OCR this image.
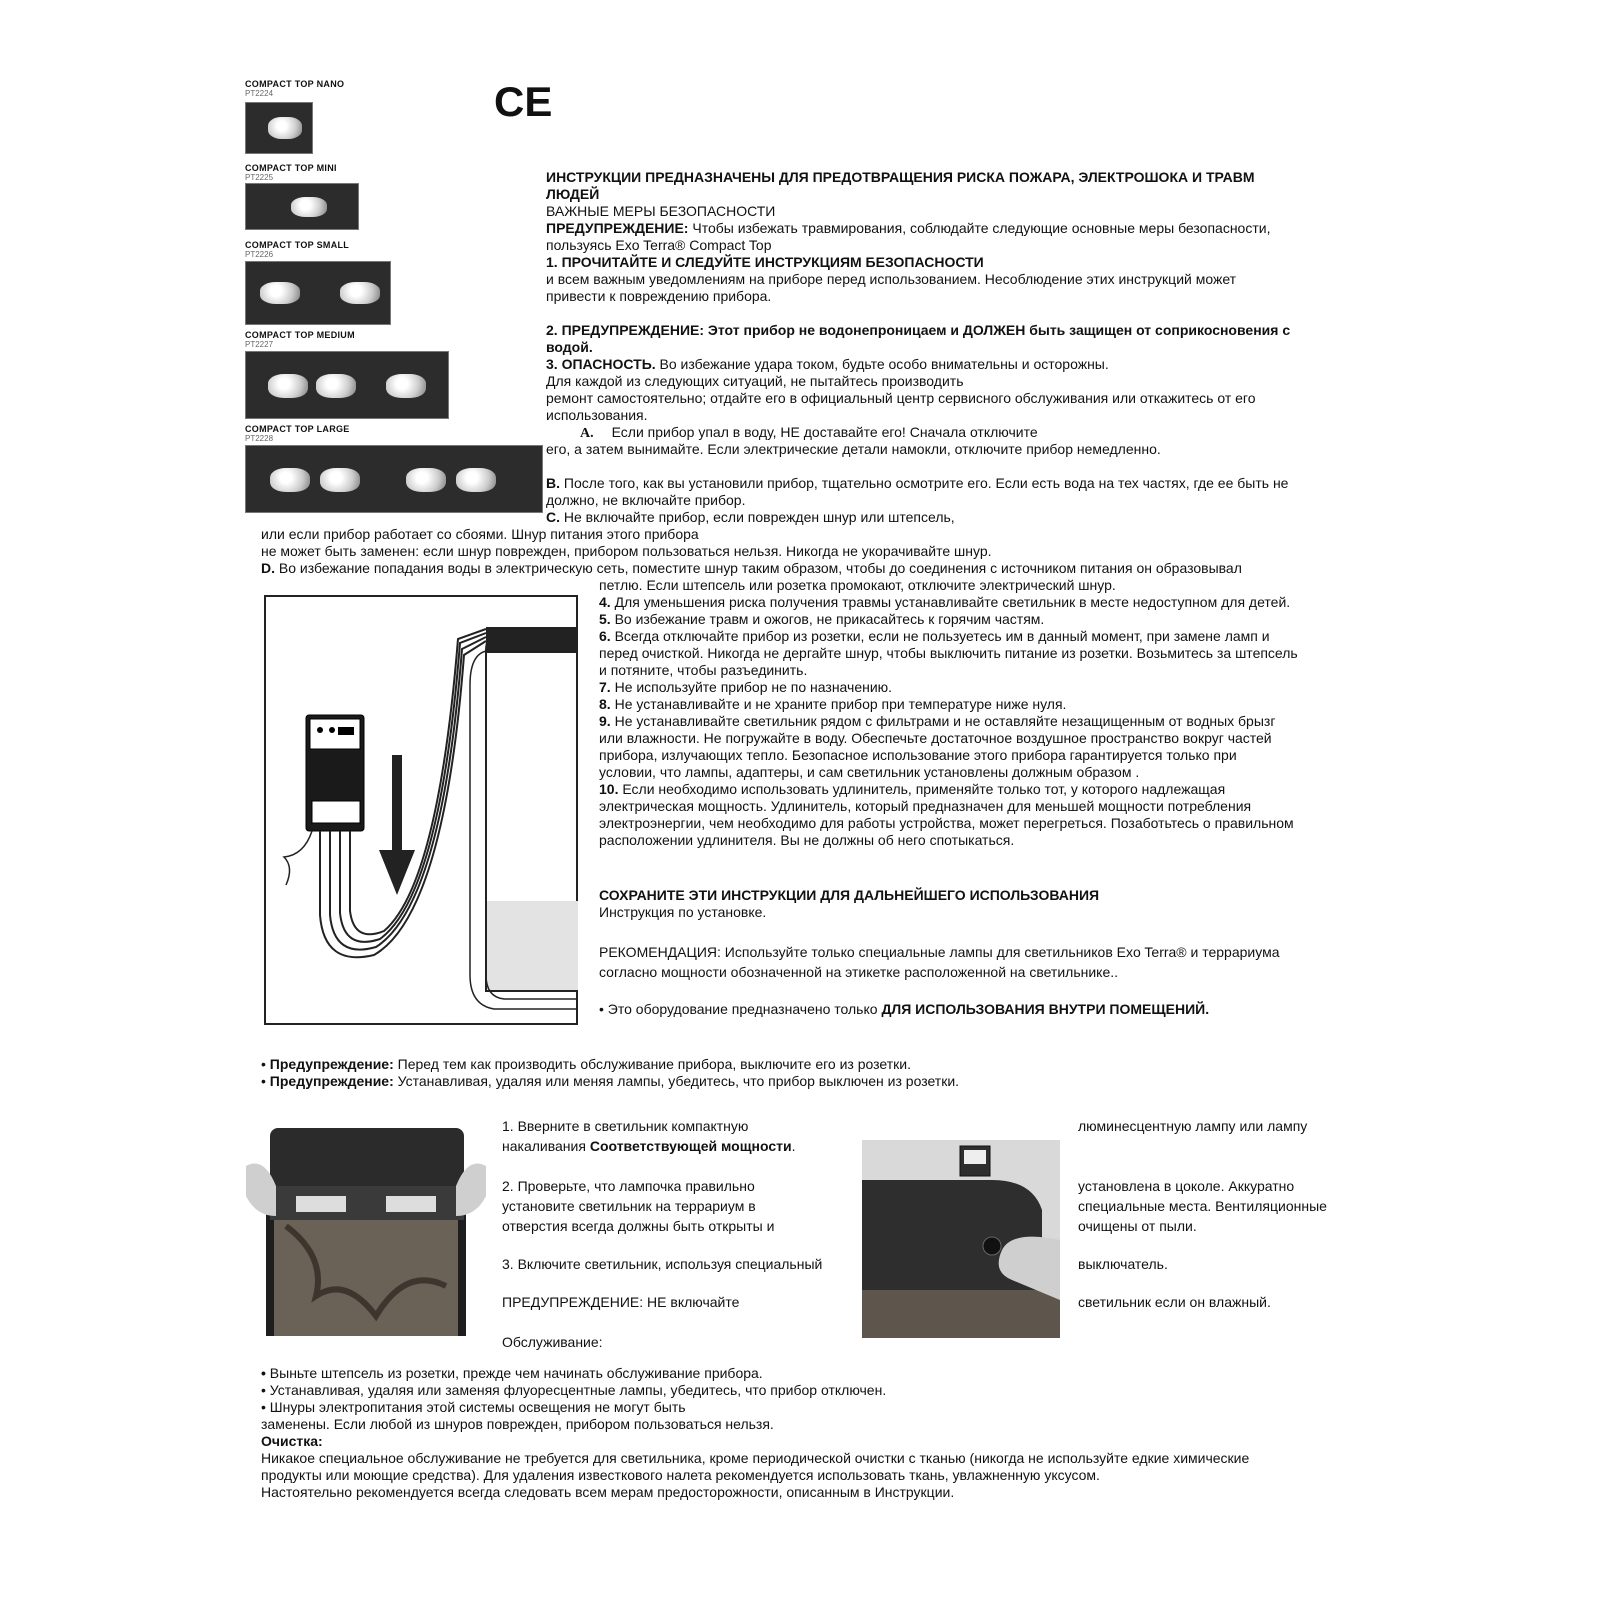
COMPACT TOP NANO
PT2224
COMPACT TOP MINI
PT2225
COMPACT TOP SMALL
PT2226
COMPACT TOP MEDIUM
PT2227
COMPACT TOP LARGE
PT2228
CE
ИНСТРУКЦИИ ПРЕДНАЗНАЧЕНЫ ДЛЯ ПРЕДОТВРАЩЕНИЯ РИСКА ПОЖАРА, ЭЛЕКТРОШОКА И ТРАВМ
ЛЮДЕЙ
ВАЖНЫЕ МЕРЫ БЕЗОПАСНОСТИ
ПРЕДУПРЕЖДЕНИЕ: Чтобы избежать травмирования, соблюдайте следующие основные меры безопасности,
пользуясь Exo Terra® Compact Top
1. ПРОЧИТАЙТЕ И СЛЕДУЙТЕ ИНСТРУКЦИЯМ БЕЗОПАСНОСТИ
и всем важным уведомлениям на приборе перед использованием. Несоблюдение этих инструкций может
привести к повреждению прибора.
2. ПРЕДУПРЕЖДЕНИЕ: Этот прибор не водонепроницаем и ДОЛЖЕН быть защищен от соприкосновения с
водой.
3. ОПАСНОСТЬ. Во избежание удара током, будьте особо внимательны и осторожны.
Для каждой из следующих ситуаций, не пытайтесь производить
ремонт самостоятельно; отдайте его в официальный центр сервисного обслуживания или откажитесь от его
использования.
A. Если прибор упал в воду, НЕ доставайте его! Сначала отключите
его, а затем вынимайте. Если электрические детали намокли, отключите прибор немедленно.
B. После того, как вы установили прибор, тщательно осмотрите его. Если есть вода на тех частях, где ее быть не
должно, не включайте прибор.
C. Не включайте прибор, если поврежден шнур или штепсель,
или если прибор работает со сбоями. Шнур питания этого прибора
не может быть заменен: если шнур поврежден, прибором пользоваться нельзя. Никогда не укорачивайте шнур.
D. Во избежание попадания воды в электрическую сеть, поместите шнур таким образом, чтобы до соединения с источником питания он образовывал
петлю. Если штепсель или розетка промокают, отключите электрический шнур.
4. Для уменьшения риска получения травмы устанавливайте светильник в месте недоступном для детей.
5. Во избежание травм и ожогов, не прикасайтесь к горячим частям.
6. Всегда отключайте прибор из розетки, если не пользуетесь им в данный момент, при замене ламп и
перед очисткой. Никогда не дергайте шнур, чтобы выключить питание из розетки. Возьмитесь за штепсель
и потяните, чтобы разъединить.
7. Не используйте прибор не по назначению.
8. Не устанавливайте и не храните прибор при температуре ниже нуля.
9. Не устанавливайте светильник рядом с фильтрами и не оставляйте незащищенным от водных брызг
или влажности. Не погружайте в воду. Обеспечьте достаточное воздушное пространство вокруг частей
прибора, излучающих тепло. Безопасное использование этого прибора гарантируется только при
условии, что лампы, адаптеры, и сам светильник установлены должным образом .
10. Если необходимо использовать удлинитель, применяйте только тот, у которого надлежащая
электрическая мощность. Удлинитель, который предназначен для меньшей мощности потребления
электроэнергии, чем необходимо для работы устройства, может перегреться. Позаботьтесь о правильном
расположении удлинителя. Вы не должны об него спотыкаться.
СОХРАНИТЕ ЭТИ ИНСТРУКЦИИ ДЛЯ ДАЛЬНЕЙШЕГО ИСПОЛЬЗОВАНИЯ
Инструкция по установке.
РЕКОМЕНДАЦИЯ: Используйте только специальные лампы для светильников Exo Terra® и террариума
согласно мощности обозначенной на этикетке расположенной на светильнике..
• Это оборудование предназначено только ДЛЯ ИСПОЛЬЗОВАНИЯ ВНУТРИ ПОМЕЩЕНИЙ.
• Предупреждение: Перед тем как производить обслуживание прибора, выключите его из розетки.
• Предупреждение: Устанавливая, удаляя или меняя лампы, убедитесь, что прибор выключен из розетки.
1. Вверните в светильник компактную
накаливания Соответствующей мощности.
люминесцентную лампу или лампу
2. Проверьте, что лампочка правильно
установите светильник на террариум в
отверстия всегда должны быть открыты и
установлена в цоколе. Аккуратно
специальные места. Вентиляционные
очищены от пыли.
3. Включите светильник, используя специальный	выключатель.
ПРЕДУПРЕЖДЕНИЕ: НЕ включайте	светильник если он влажный.
Обслуживание:
• Выньте штепсель из розетки, прежде чем начинать обслуживание прибора.
• Устанавливая, удаляя или заменяя флуоресцентные лампы, убедитесь, что прибор отключен.
• Шнуры электропитания этой системы освещения не могут быть
заменены. Если любой из шнуров поврежден, прибором пользоваться нельзя.
Очистка:
Никакое специальное обслуживание не требуется для светильника, кроме периодической очистки с тканью (никогда не используйте едкие химические
продукты или моющие средства). Для удаления известкового налета рекомендуется использовать ткань, увлажненную уксусом.
Настоятельно рекомендуется всегда следовать всем мерам предосторожности, описанным в Инструкции.
